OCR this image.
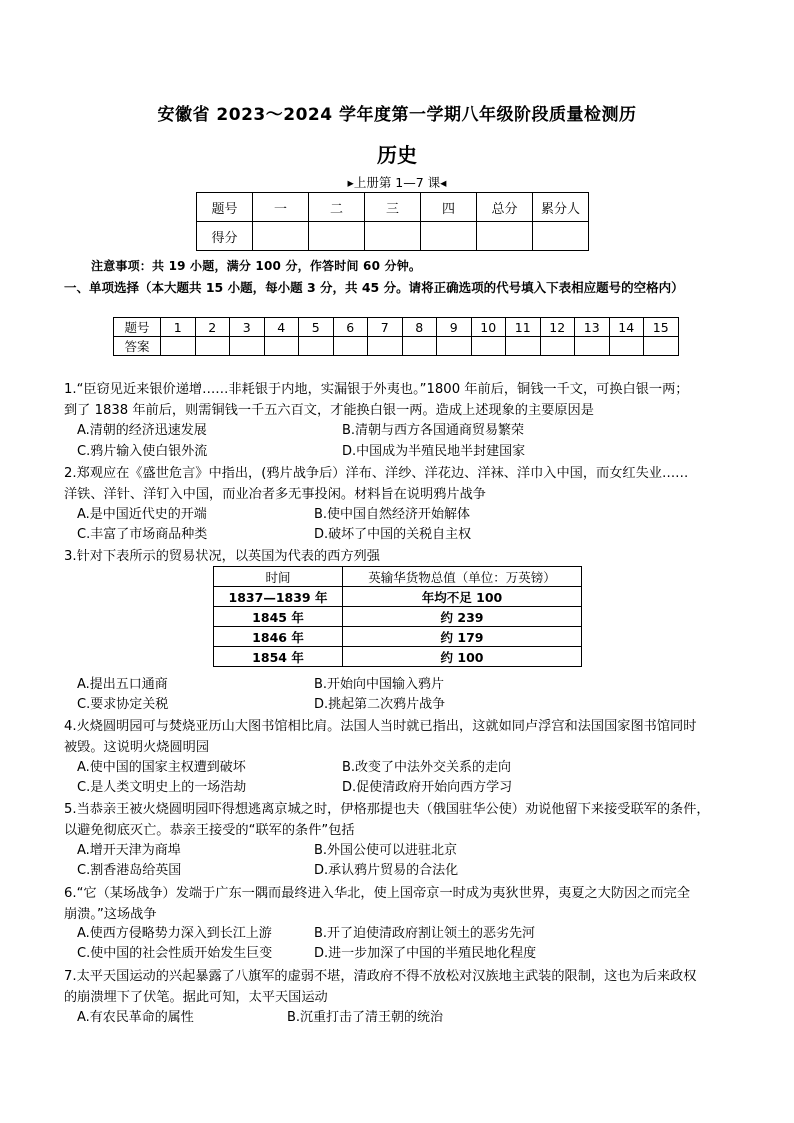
安徽省 2023～2024 学年度第一学期八年级阶段质量检测历
历史
▸上册第 1—7 课◂
题号	一	二	三	四	总分	累分人
得分						
注意事项：共 19 小题，满分 100 分，作答时间 60 分钟。
一、单项选择（本大题共 15 小题，每小题 3 分，共 45 分。请将正确选项的代号填入下表相应题号的空格内）
题号	1	2	3	4	5	6	7	8	9	10	11	12	13	14	15
答案															
1.“臣窃见近来银价递增……非耗银于内地，实漏银于外夷也。”1800 年前后，铜钱一千文，可换白银一两；
到了 1838 年前后，则需铜钱一千五六百文，才能换白银一两。造成上述现象的主要原因是
A.清朝的经济迅速发展	B.清朝与西方各国通商贸易繁荣
C.鸦片输入使白银外流	D.中国成为半殖民地半封建国家
2.郑观应在《盛世危言》中指出，(鸦片战争后）洋布、洋纱、洋花边、洋袜、洋巾入中国，而女红失业……
洋铁、洋针、洋钉入中国，而业冶者多无事投闲。材料旨在说明鸦片战争
A.是中国近代史的开端	B.使中国自然经济开始解体
C.丰富了市场商品种类	D.破坏了中国的关税自主权
3.针对下表所示的贸易状况，以英国为代表的西方列强
时间	英输华货物总值（单位：万英镑）
1837—1839 年	年均不足 100
1845 年	约 239
1846 年	约 179
1854 年	约 100
A.提出五口通商	B.开始向中国输入鸦片
C.要求协定关税	D.挑起第二次鸦片战争
4.火烧圆明园可与焚烧亚历山大图书馆相比肩。法国人当时就已指出，这就如同卢浮宫和法国国家图书馆同时
被毁。这说明火烧圆明园
A.使中国的国家主权遭到破坏	B.改变了中法外交关系的走向
C.是人类文明史上的一场浩劫	D.促使清政府开始向西方学习
5.当恭亲王被火烧圆明园吓得想逃离京城之时，伊格那提也夫（俄国驻华公使）劝说他留下来接受联军的条件，
以避免彻底灭亡。恭亲王接受的“联军的条件”包括
A.增开天津为商埠	B.外国公使可以进驻北京
C.割香港岛给英国	D.承认鸦片贸易的合法化
6.“它（某场战争）发端于广东一隅而最终进入华北，使上国帝京一时成为夷狄世界，夷夏之大防因之而完全
崩溃。”这场战争
A.使西方侵略势力深入到长江上游	B.开了迫使清政府割让领土的恶劣先河
C.使中国的社会性质开始发生巨变	D.进一步加深了中国的半殖民地化程度
7.太平天国运动的兴起暴露了八旗军的虚弱不堪，清政府不得不放松对汉族地主武装的限制，这也为后来政权
的崩溃埋下了伏笔。据此可知，太平天国运动
A.有农民革命的属性	B.沉重打击了清王朝的统治
